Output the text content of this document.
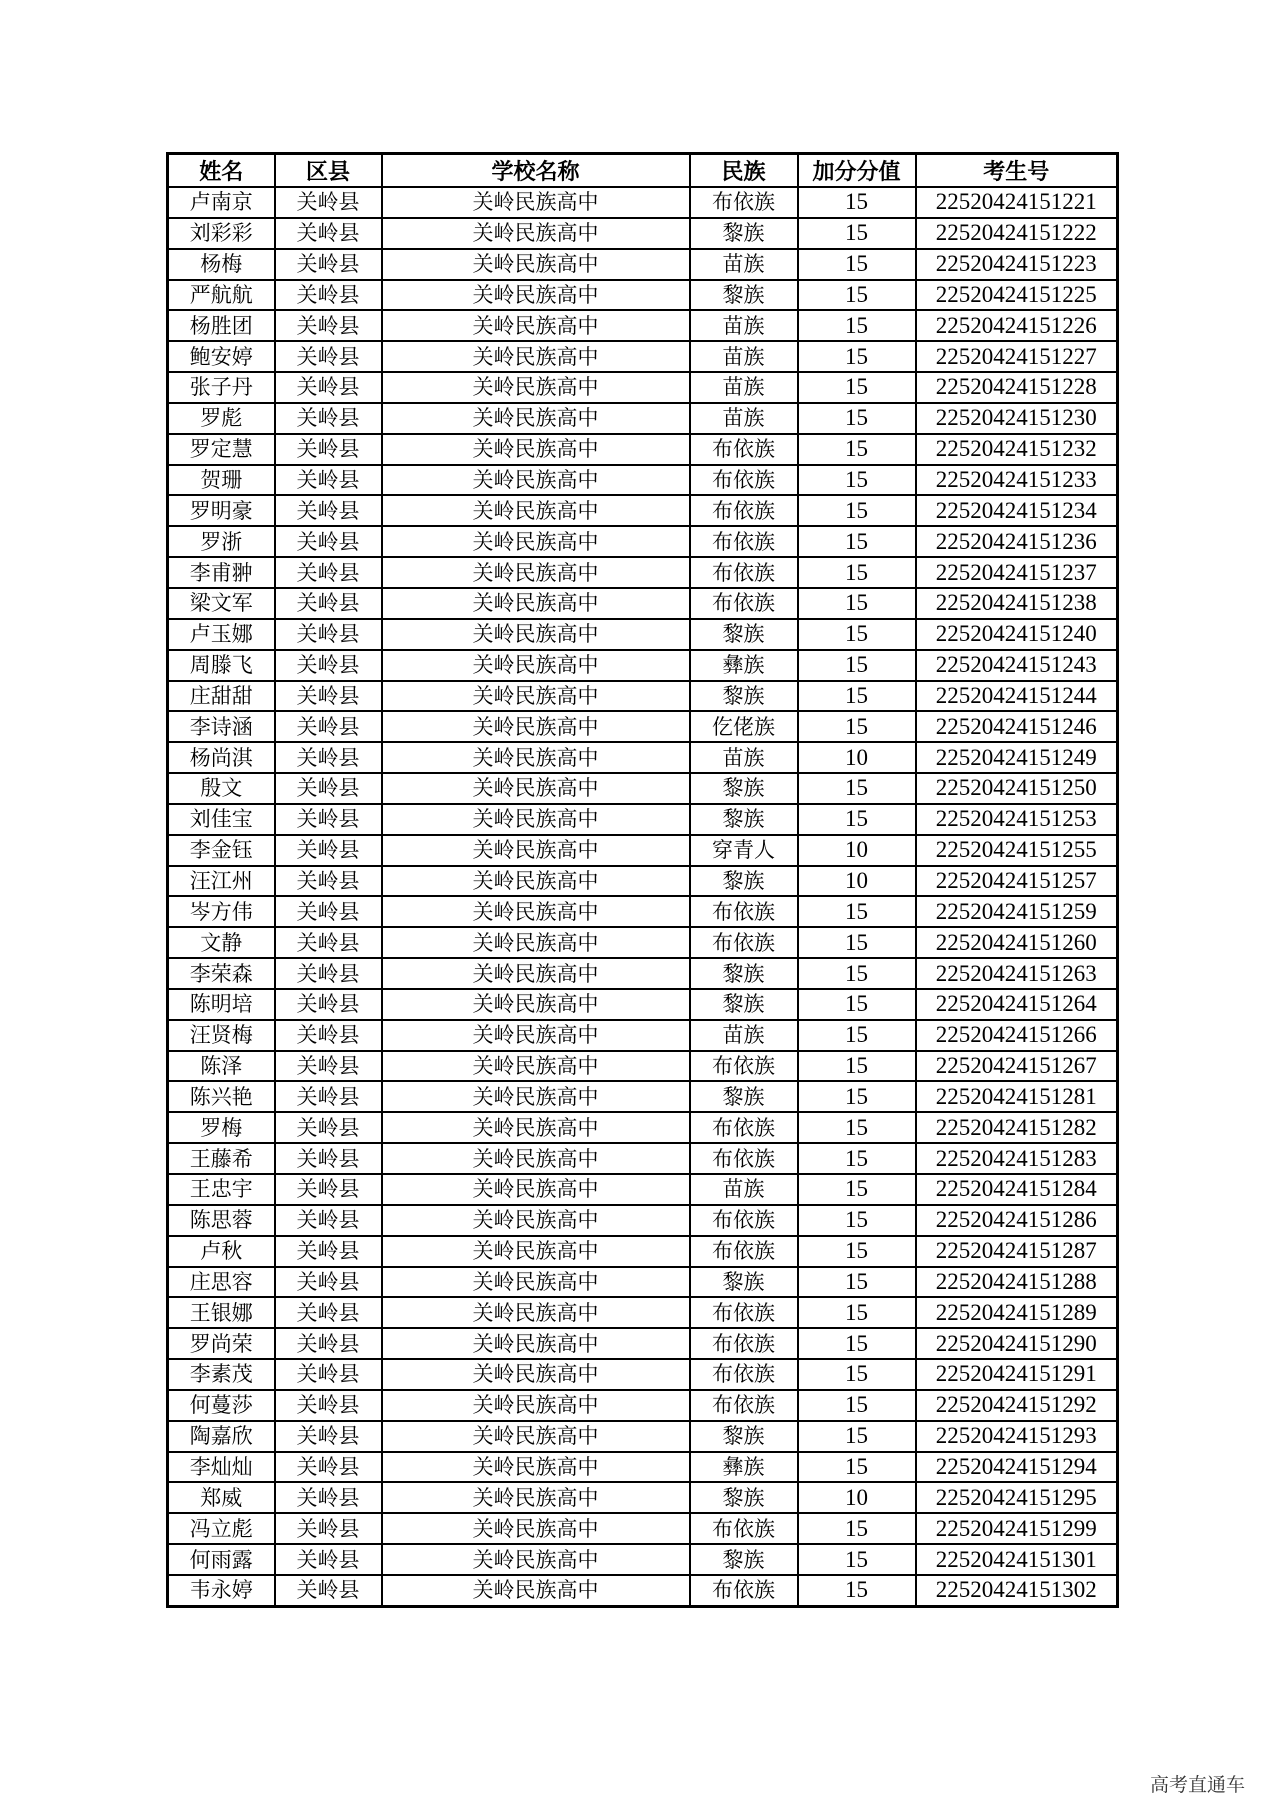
姓名	区县	学校名称	民族	加分分值	考生号
卢南京	关岭县	关岭民族高中	布依族	15	22520424151221
刘彩彩	关岭县	关岭民族高中	黎族	15	22520424151222
杨梅	关岭县	关岭民族高中	苗族	15	22520424151223
严航航	关岭县	关岭民族高中	黎族	15	22520424151225
杨胜团	关岭县	关岭民族高中	苗族	15	22520424151226
鲍安婷	关岭县	关岭民族高中	苗族	15	22520424151227
张子丹	关岭县	关岭民族高中	苗族	15	22520424151228
罗彪	关岭县	关岭民族高中	苗族	15	22520424151230
罗定慧	关岭县	关岭民族高中	布依族	15	22520424151232
贺珊	关岭县	关岭民族高中	布依族	15	22520424151233
罗明豪	关岭县	关岭民族高中	布依族	15	22520424151234
罗浙	关岭县	关岭民族高中	布依族	15	22520424151236
李甫翀	关岭县	关岭民族高中	布依族	15	22520424151237
梁文军	关岭县	关岭民族高中	布依族	15	22520424151238
卢玉娜	关岭县	关岭民族高中	黎族	15	22520424151240
周滕飞	关岭县	关岭民族高中	彝族	15	22520424151243
庄甜甜	关岭县	关岭民族高中	黎族	15	22520424151244
李诗涵	关岭县	关岭民族高中	仡佬族	15	22520424151246
杨尚淇	关岭县	关岭民族高中	苗族	10	22520424151249
殷文	关岭县	关岭民族高中	黎族	15	22520424151250
刘佳宝	关岭县	关岭民族高中	黎族	15	22520424151253
李金钰	关岭县	关岭民族高中	穿青人	10	22520424151255
汪江州	关岭县	关岭民族高中	黎族	10	22520424151257
岑方伟	关岭县	关岭民族高中	布依族	15	22520424151259
文静	关岭县	关岭民族高中	布依族	15	22520424151260
李荣森	关岭县	关岭民族高中	黎族	15	22520424151263
陈明培	关岭县	关岭民族高中	黎族	15	22520424151264
汪贤梅	关岭县	关岭民族高中	苗族	15	22520424151266
陈泽	关岭县	关岭民族高中	布依族	15	22520424151267
陈兴艳	关岭县	关岭民族高中	黎族	15	22520424151281
罗梅	关岭县	关岭民族高中	布依族	15	22520424151282
王藤希	关岭县	关岭民族高中	布依族	15	22520424151283
王忠宇	关岭县	关岭民族高中	苗族	15	22520424151284
陈思蓉	关岭县	关岭民族高中	布依族	15	22520424151286
卢秋	关岭县	关岭民族高中	布依族	15	22520424151287
庄思容	关岭县	关岭民族高中	黎族	15	22520424151288
王银娜	关岭县	关岭民族高中	布依族	15	22520424151289
罗尚荣	关岭县	关岭民族高中	布依族	15	22520424151290
李素茂	关岭县	关岭民族高中	布依族	15	22520424151291
何蔓莎	关岭县	关岭民族高中	布依族	15	22520424151292
陶嘉欣	关岭县	关岭民族高中	黎族	15	22520424151293
李灿灿	关岭县	关岭民族高中	彝族	15	22520424151294
郑威	关岭县	关岭民族高中	黎族	10	22520424151295
冯立彪	关岭县	关岭民族高中	布依族	15	22520424151299
何雨露	关岭县	关岭民族高中	黎族	15	22520424151301
韦永婷	关岭县	关岭民族高中	布依族	15	22520424151302
高考直通车
